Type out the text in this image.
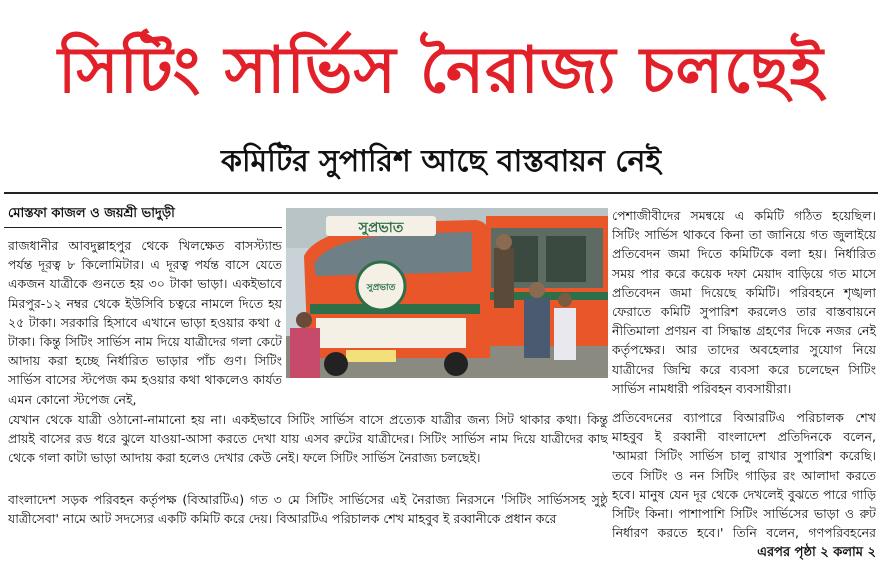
সিটিং সার্ভিস নৈরাজ্য চলছেই
কমিটির সুপারিশ আছে বাস্তবায়ন নেই
মোস্তফা কাজল ও জয়শ্রী ভাদুড়ী

রাজধানীর আবদুল্লাহপুর থেকে খিলক্ষেত বাসস্ট্যান্ড পর্যন্ত দূরত্ব ৮ কিলোমিটার। এ দূরত্ব পর্যন্ত বাসে যেতে একজন যাত্রীকে গুনতে হয় ৩০ টাকা ভাড়া। একইভাবে মিরপুর-১২ নম্বর থেকে ইউসিবি চত্বরে নামলে দিতে হয় ২৫ টাকা। সরকারি হিসাবে এখানে ভাড়া হওয়ার কথা ৫ টাকা। কিন্তু সিটিং সার্ভিস নাম দিয়ে যাত্রীদের গলা কেটে আদায় করা হচ্ছে নির্ধারিত ভাড়ার পাঁচ গুণ। সিটিং সার্ভিস বাসের স্টপেজ কম হওয়ার কথা থাকলেও কার্যত এমন কোনো স্টপেজ নেই,

সুপ্রভাত
সুপ্রভাত

পেশাজীবীদের সমন্বয়ে এ কমিটি গঠিত হয়েছিল। সিটিং সার্ভিস থাকবে কিনা তা জানিয়ে গত জুলাইয়ে প্রতিবেদন জমা দিতে কমিটিকে বলা হয়। নির্ধারিত সময় পার করে কয়েক দফা মেয়াদ বাড়িয়ে গত মাসে প্রতিবেদন জমা দিয়েছে কমিটি। পরিবহনে শৃঙ্খলা ফেরাতে কমিটি সুপারিশ করলেও তার বাস্তবায়নে নীতিমালা প্রণয়ন বা সিদ্ধান্ত গ্রহণের দিকে নজর নেই কর্তৃপক্ষের। আর তাদের অবহেলার সুযোগ নিয়ে যাত্রীদের জিম্মি করে ব্যবসা করে চলেছেন সিটিং সার্ভিস নামধারী পরিবহন ব্যবসায়ীরা।

যেখান থেকে যাত্রী ওঠানো-নামানো হয় না। একইভাবে সিটিং সার্ভিস বাসে প্রত্যেক যাত্রীর জন্য সিট থাকার কথা। কিন্তু প্রায়ই বাসের রড ধরে ঝুলে যাওয়া-আসা করতে দেখা যায় এসব রুটের যাত্রীদের। সিটিং সার্ভিস নাম দিয়ে যাত্রীদের কাছ থেকে গলা কাটা ভাড়া আদায় করা হলেও দেখার কেউ নেই। ফলে সিটিং সার্ভিস নৈরাজ্য চলছেই।

বাংলাদেশ সড়ক পরিবহন কর্তৃপক্ষ (বিআরটিএ) গত ৩ মে সিটিং সার্ভিসের এই নৈরাজ্য নিরসনে 'সিটিং সার্ভিসসহ সুষ্ঠু যাত্রীসেবা' নামে আট সদস্যের একটি কমিটি করে দেয়। বিআরটিএ পরিচালক শেখ মাহবুব ই রব্বানীকে প্রধান করে

প্রতিবেদনের ব্যাপারে বিআরটিএ পরিচালক শেখ মাহবুব ই রব্বানী বাংলাদেশ প্রতিদিনকে বলেন, 'আমরা সিটিং সার্ভিস চালু রাখার সুপারিশ করেছি। তবে সিটিং ও নন সিটিং গাড়ির রং আলাদা করতে হবে। মানুষ যেন দূর থেকে দেখলেই বুঝতে পারে গাড়ি সিটিং কিনা। পাশাপাশি সিটিং সার্ভিসের ভাড়া ও রুট নির্ধারণ করতে হবে।' তিনি বলেন, গণপরিবহনের

এরপর পৃষ্ঠা ২ কলাম ২
